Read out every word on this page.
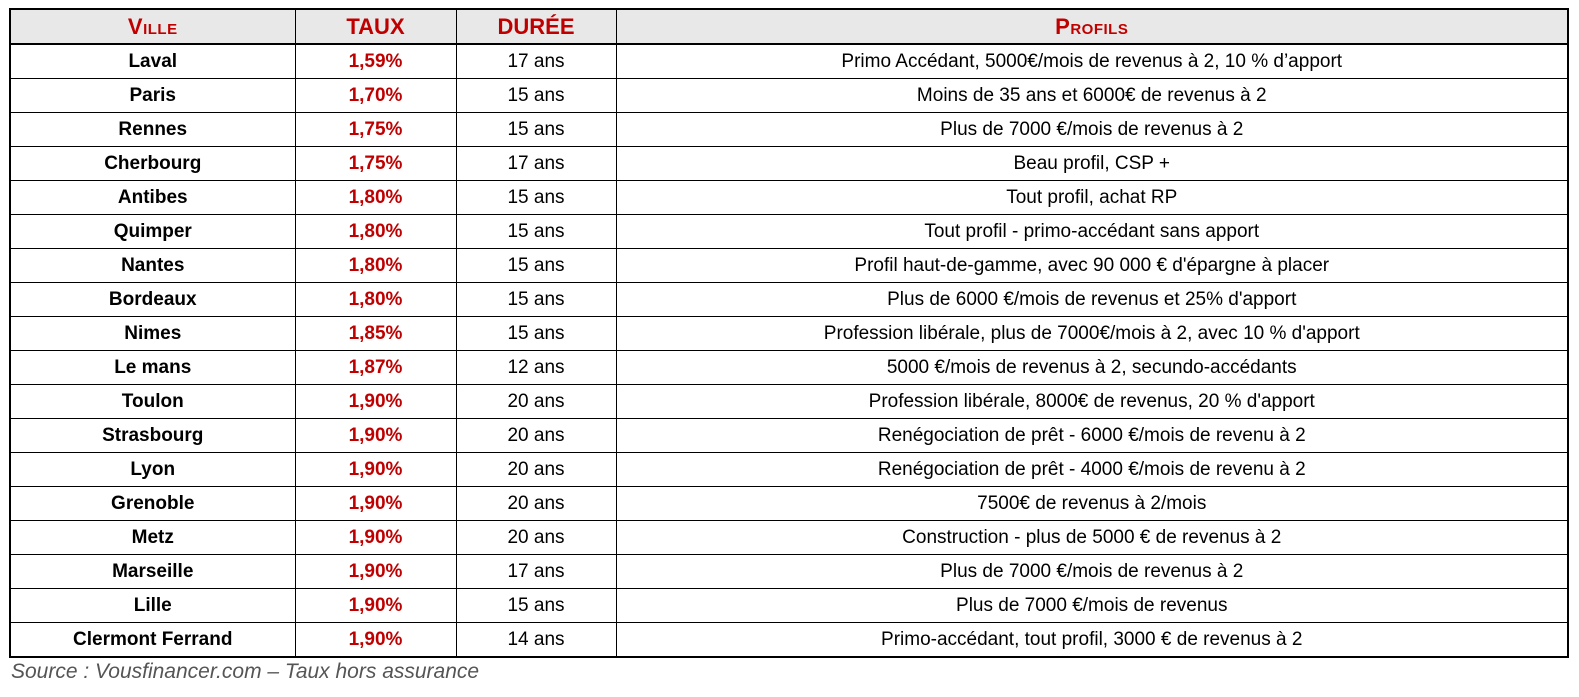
Ville	TAUX	DURÉE	Profils
Laval	1,59%	17 ans	Primo Accédant, 5000€/mois de revenus à 2, 10 % d’apport
Paris	1,70%	15 ans	Moins de 35 ans et 6000€ de revenus à 2
Rennes	1,75%	15 ans	Plus de 7000 €/mois de revenus à 2
Cherbourg	1,75%	17 ans	Beau profil, CSP +
Antibes	1,80%	15 ans	Tout profil, achat RP
Quimper	1,80%	15 ans	Tout profil - primo-accédant sans apport
Nantes	1,80%	15 ans	Profil haut-de-gamme, avec 90 000 € d'épargne à placer
Bordeaux	1,80%	15 ans	Plus de 6000 €/mois de revenus et 25% d'apport
Nimes	1,85%	15 ans	Profession libérale, plus de 7000€/mois à 2, avec 10 % d'apport
Le mans	1,87%	12 ans	5000 €/mois de revenus à 2, secundo-accédants
Toulon	1,90%	20 ans	Profession libérale, 8000€ de revenus, 20 % d'apport
Strasbourg	1,90%	20 ans	Renégociation de prêt - 6000 €/mois de revenu à 2
Lyon	1,90%	20 ans	Renégociation de prêt - 4000 €/mois de revenu à 2
Grenoble	1,90%	20 ans	7500€ de revenus à 2/mois
Metz	1,90%	20 ans	Construction - plus de 5000 € de revenus à 2
Marseille	1,90%	17 ans	Plus de 7000 €/mois de revenus à 2
Lille	1,90%	15 ans	Plus de 7000 €/mois de revenus
Clermont Ferrand	1,90%	14 ans	Primo-accédant, tout profil, 3000 € de revenus à 2
Source : Vousfinancer.com – Taux hors assurance
